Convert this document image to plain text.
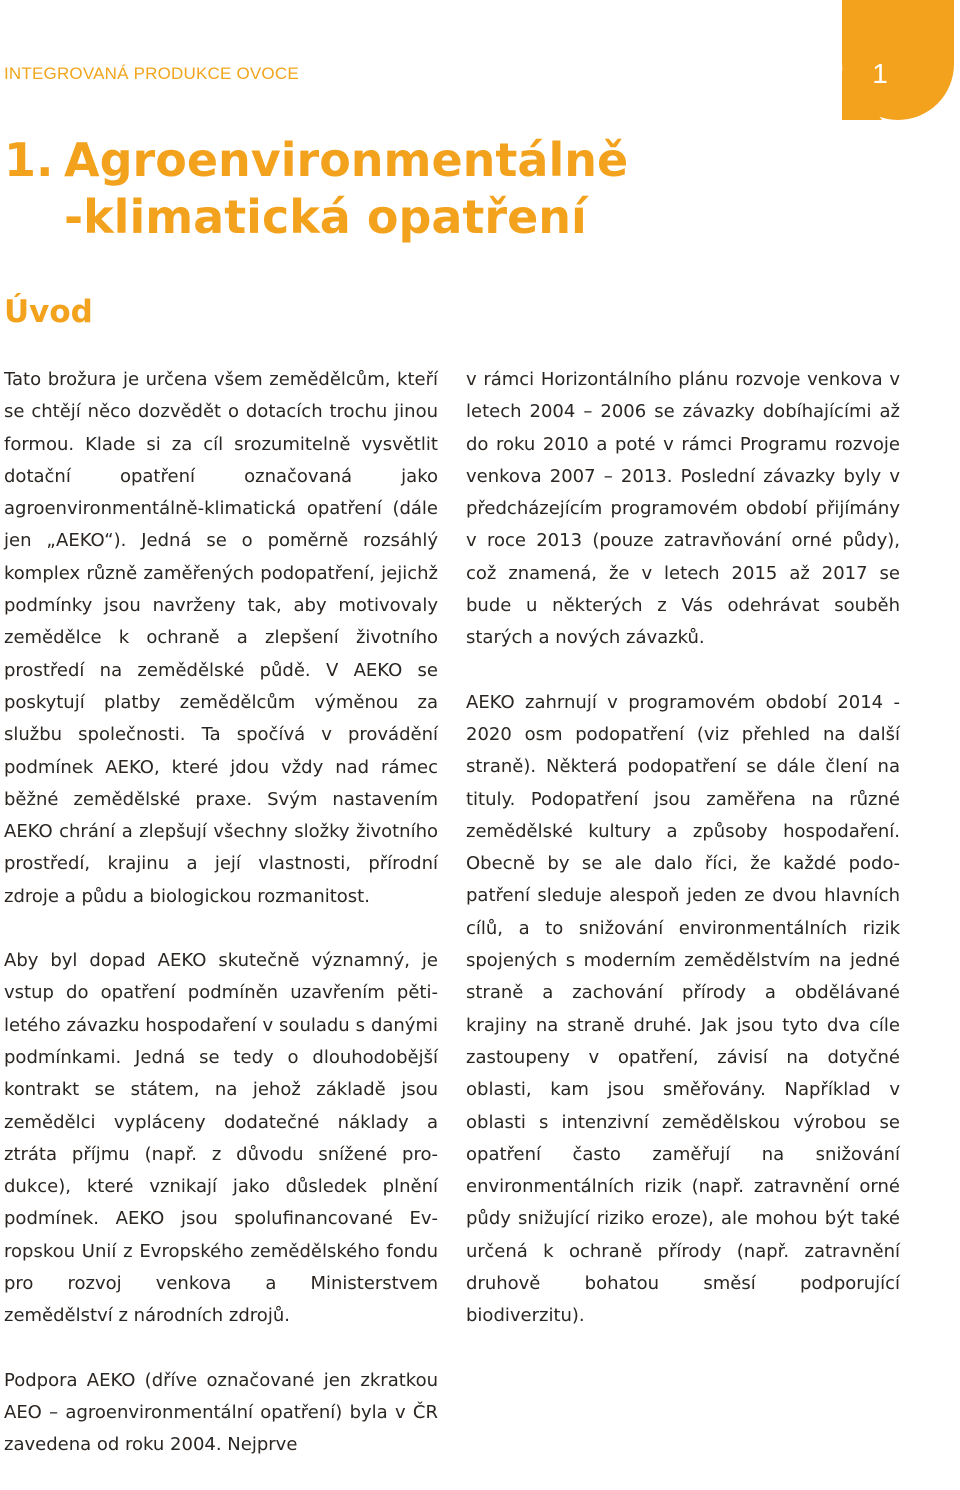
INTEGROVANÁ PRODUKCE OVOCE	1
1. Agroenvironmentálně
-klimatická opatření
Úvod

Tato brožura je určena všem zemědělcům, kteří se chtějí něco dozvědět o dotacích trochu jinou formou. Klade si za cíl srozumitelně vysvětlit dotační opatření označovaná jako agroenvironmentálně-klimatická opatření (dále jen „AEKO“). Jedná se o poměrně rozsáhlý komplex různě zaměřených podopatření, jejichž podmínky jsou navrženy tak, aby motivovaly zemědělce k ochraně a zlepšení životního prostředí na zemědělské půdě. V AEKO se poskytují platby zemědělcům výměnou za službu společnosti. Ta spočívá v provádění podmínek AEKO, které jdou vždy nad rámec běžné zemědělské praxe. Svým nastavením AEKO chrání a zlepšují všechny složky životního prostředí, krajinu a její vlastnosti, přírodní zdroje a půdu a biologickou rozmanitost.

Aby byl dopad AEKO skutečně významný, je vstup do opatření podmíněn uzavřením pětiletého závazku hospodaření v souladu s danými podmínkami. Jedná se tedy o dlouhodobější kontrakt se státem, na jehož základě jsou zemědělci vypláceny dodatečné náklady a ztráta příjmu (např. z důvodu snížené produkce), které vznikají jako důsledek plnění podmínek. AEKO jsou spolufinancované Evropskou Unií z Evropského zemědělského fondu pro rozvoj venkova a Ministerstvem zemědělství z národních zdrojů.

Podpora AEKO (dříve označované jen zkratkou AEO – agroenvironmentální opatření) byla v ČR zavedena od roku 2004. Nejprve

v rámci Horizontálního plánu rozvoje venkova v letech 2004 – 2006 se závazky dobíhajícími až do roku 2010 a poté v rámci Programu rozvoje venkova 2007 – 2013. Poslední závazky byly v předcházejícím programovém období přijímány v roce 2013 (pouze zatravňování orné půdy), což znamená, že v letech 2015 až 2017 se bude u některých z Vás odehrávat souběh starých a nových závazků.

AEKO zahrnují v programovém období 2014 - 2020 osm podopatření (viz přehled na další straně). Některá podopatření se dále člení na tituly. Podopatření jsou zaměřena na různé zemědělské kultury a způsoby hospodaření. Obecně by se ale dalo říci, že každé podopatření sleduje alespoň jeden ze dvou hlavních cílů, a to snižování environmentálních rizik spojených s moderním zemědělstvím na jedné straně a zachování přírody a obdělávané krajiny na straně druhé. Jak jsou tyto dva cíle zastoupeny v opatření, závisí na dotyčné oblasti, kam jsou směřovány. Například v oblasti s intenzivní zemědělskou výrobou se opatření často zaměřují na snižování environmentálních rizik (např. zatravnění orné půdy snižující riziko eroze), ale mohou být také určená k ochraně přírody (např. zatravnění druhově bohatou směsí podporující biodiverzitu).
